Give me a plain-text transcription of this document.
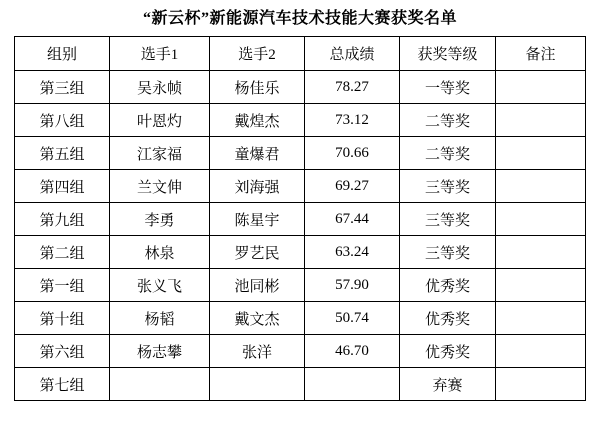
“新云杯”新能源汽车技术技能大赛获奖名单
组别	选手1	选手2	总成绩	获奖等级	备注
第三组	吴永帧	杨佳乐	78.27	一等奖	
第八组	叶恩灼	戴煌杰	73.12	二等奖	
第五组	江家福	童爆君	70.66	二等奖	
第四组	兰文伸	刘海强	69.27	三等奖	
第九组	李勇	陈星宇	67.44	三等奖	
第二组	林泉	罗艺民	63.24	三等奖	
第一组	张义飞	池同彬	57.90	优秀奖	
第十组	杨韬	戴文杰	50.74	优秀奖	
第六组	杨志攀	张洋	46.70	优秀奖	
第七组				弃赛	
